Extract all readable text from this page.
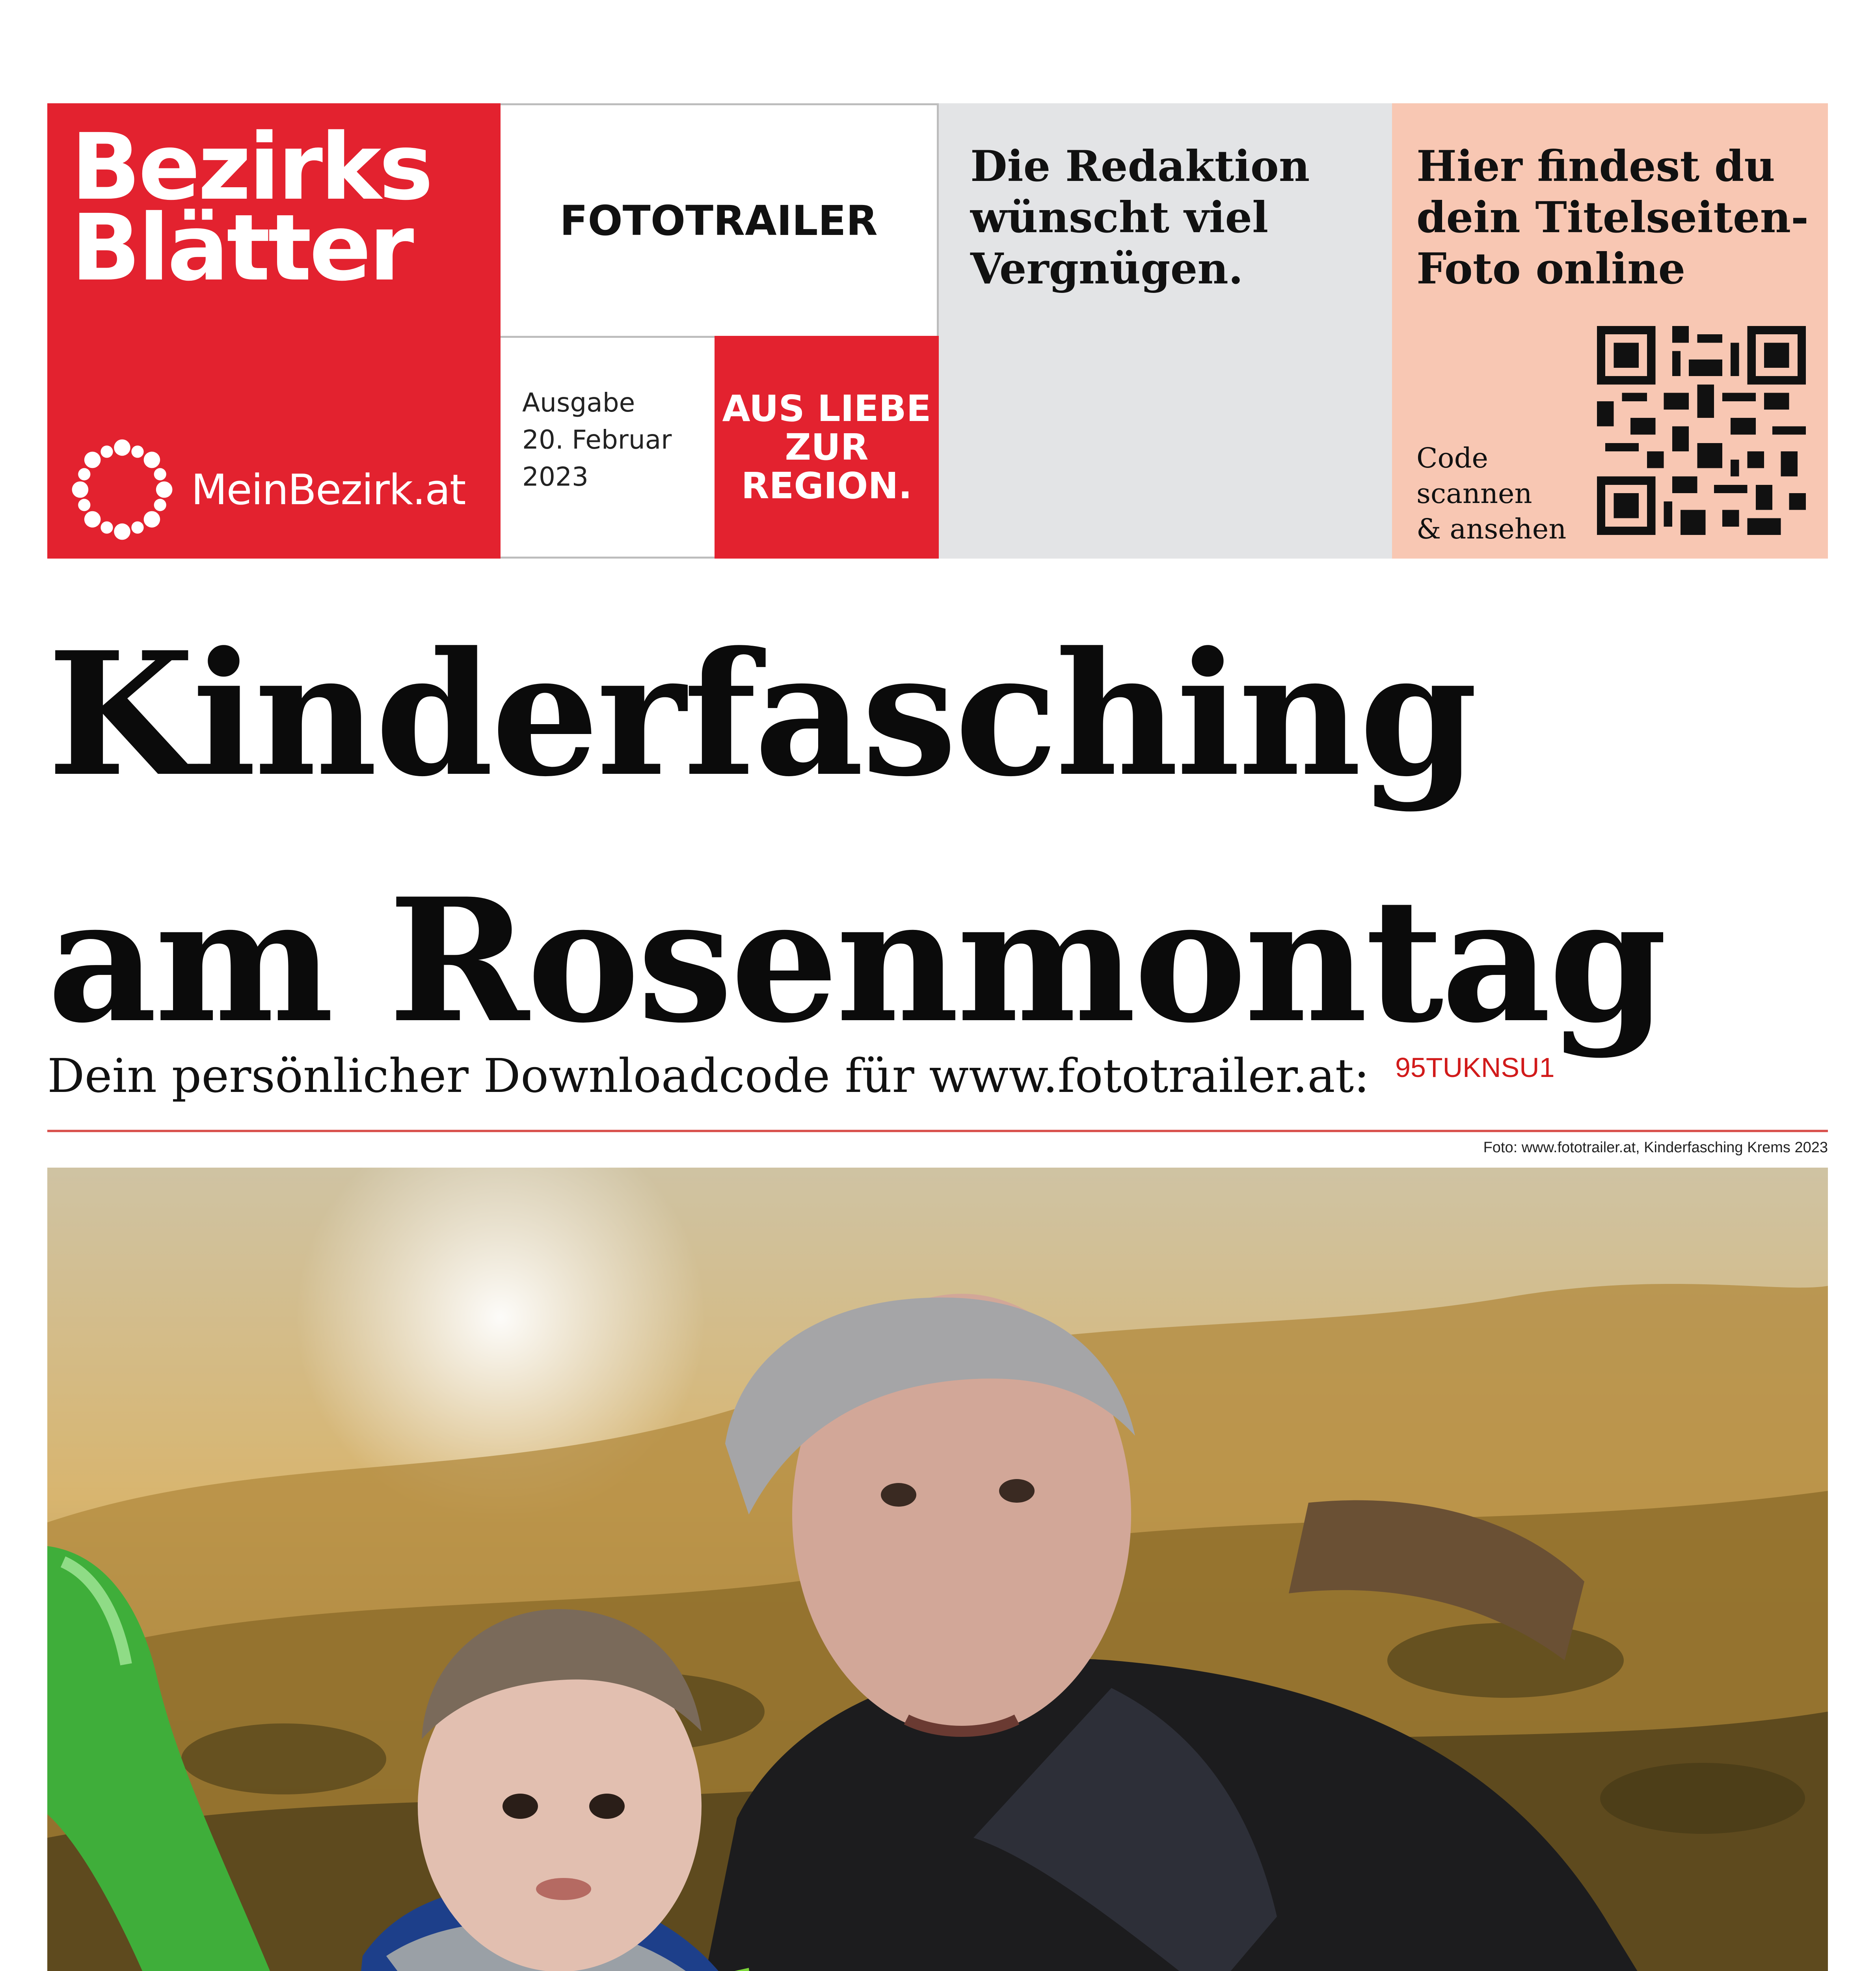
Bezirks
Blätter
MeinBezirk.at
FOTOTRAILER
Ausgabe
20. Februar
2023
AUS LIEBE
ZUR
REGION.
Die Redaktion
wünscht viel
Vergnügen.
Hier findest du
dein Titelseiten-
Foto online
Code
scannen
& ansehen
Kinderfasching
am Rosenmontag
Dein persönlicher Downloadcode für www.fototrailer.at: 95TUKNSU1
Foto: www.fototrailer.at, Kinderfasching Krems 2023
